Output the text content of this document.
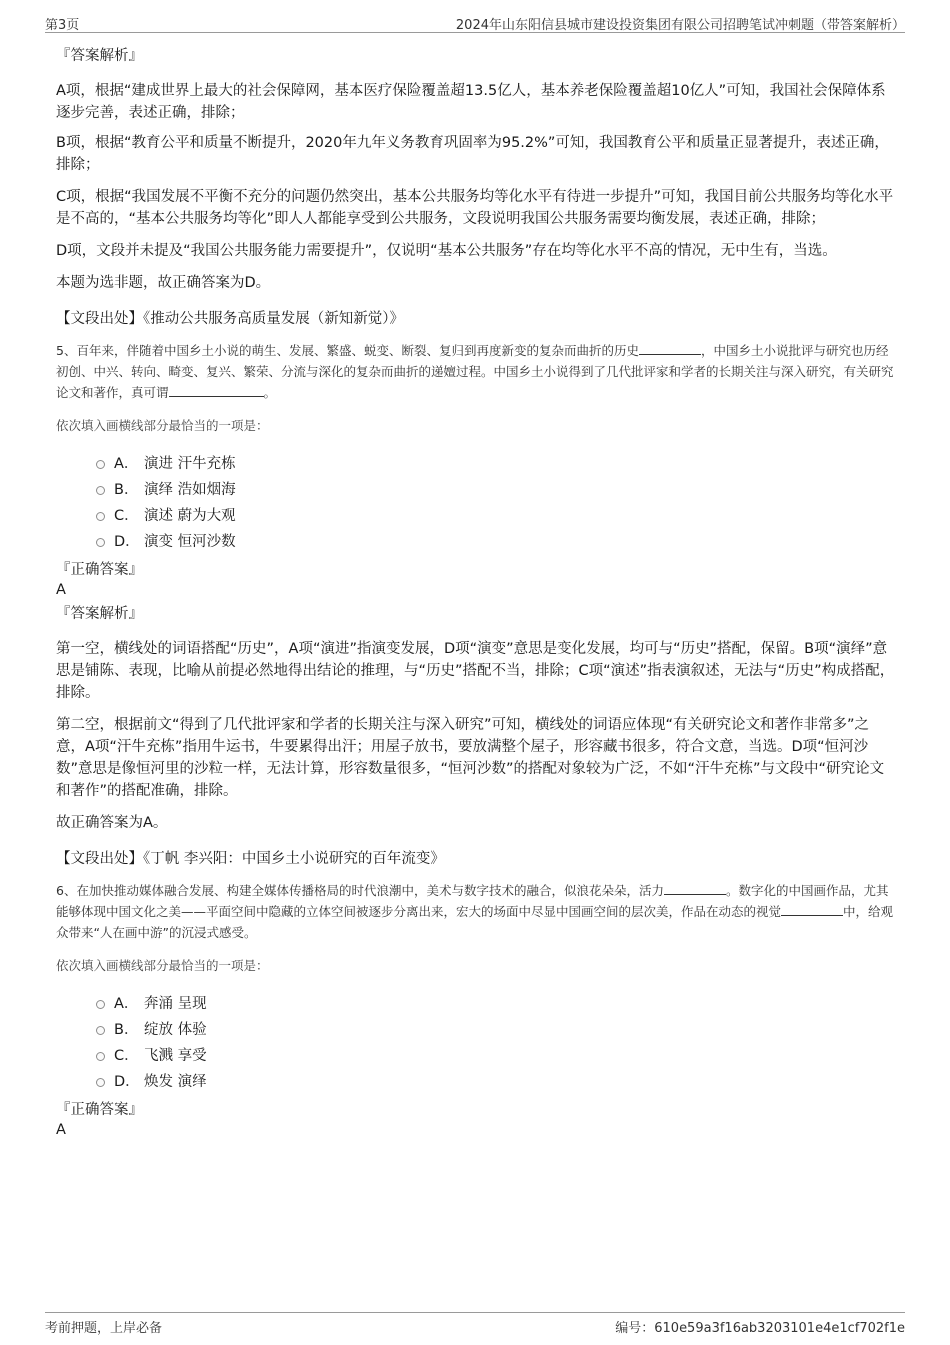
第3页	2024年山东阳信县城市建设投资集团有限公司招聘笔试冲刺题（带答案解析）

『答案解析』

A项，根据“建成世界上最大的社会保障网，基本医疗保险覆盖超13.5亿人，基本养老保险覆盖超10亿人”可知，我国社会保障体系逐步完善，表述正确，排除；

B项，根据“教育公平和质量不断提升，2020年九年义务教育巩固率为95.2%”可知，我国教育公平和质量正显著提升，表述正确，排除；

C项，根据“我国发展不平衡不充分的问题仍然突出，基本公共服务均等化水平有待进一步提升”可知，我国目前公共服务均等化水平是不高的，“基本公共服务均等化”即人人都能享受到公共服务，文段说明我国公共服务需要均衡发展，表述正确，排除；

D项，文段并未提及“我国公共服务能力需要提升”，仅说明“基本公共服务”存在均等化水平不高的情况，无中生有，当选。

本题为选非题，故正确答案为D。

【文段出处】《推动公共服务高质量发展（新知新觉）》

5、百年来，伴随着中国乡土小说的萌生、发展、繁盛、蜕变、断裂、复归到再度新变的复杂而曲折的历史	，中国乡土小说批评与研究也历经初创、中兴、转向、畸变、复兴、繁荣、分流与深化的复杂而曲折的递嬗过程。中国乡土小说得到了几代批评家和学者的长期关注与深入研究，有关研究论文和著作，真可谓	。

依次填入画横线部分最恰当的一项是：

A． 演进 汗牛充栋
B． 演绎 浩如烟海
C． 演述 蔚为大观
D． 演变 恒河沙数

『正确答案』

A

『答案解析』

第一空，横线处的词语搭配“历史”，A项“演进”指演变发展，D项“演变”意思是变化发展，均可与“历史”搭配，保留。B项“演绎”意思是铺陈、表现，比喻从前提必然地得出结论的推理，与“历史”搭配不当，排除；C项“演述”指表演叙述，无法与“历史”构成搭配，排除。

第二空，根据前文“得到了几代批评家和学者的长期关注与深入研究”可知，横线处的词语应体现“有关研究论文和著作非常多”之意，A项“汗牛充栋”指用牛运书，牛要累得出汗；用屋子放书，要放满整个屋子，形容藏书很多，符合文意，当选。D项“恒河沙数”意思是像恒河里的沙粒一样，无法计算，形容数量很多，“恒河沙数”的搭配对象较为广泛，不如“汗牛充栋”与文段中“研究论文和著作”的搭配准确，排除。

故正确答案为A。

【文段出处】《丁帆 李兴阳：中国乡土小说研究的百年流变》

6、在加快推动媒体融合发展、构建全媒体传播格局的时代浪潮中，美术与数字技术的融合，似浪花朵朵，活力	。数字化的中国画作品，尤其能够体现中国文化之美——平面空间中隐藏的立体空间被逐步分离出来，宏大的场面中尽显中国画空间的层次美，作品在动态的视觉	中，给观众带来“人在画中游”的沉浸式感受。

依次填入画横线部分最恰当的一项是：

A． 奔涌 呈现
B． 绽放 体验
C． 飞溅 享受
D． 焕发 演绎

『正确答案』

A

考前押题，上岸必备	编号：610e59a3f16ab3203101e4e1cf702f1e
